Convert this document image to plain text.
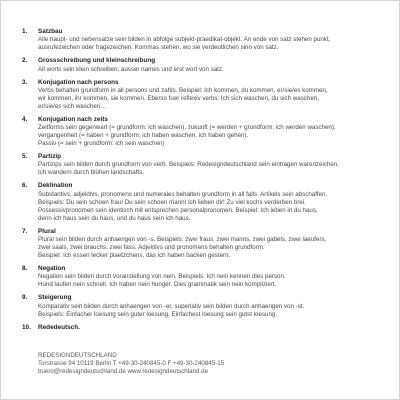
1. Satzbau
Alle haupt- und nebensatze sein bilden in abfolge subjekt-praedikat-objekt. An ende von satz stehen punkt,
ausrufezeichen oder fragezeichen. Kommas stehen, wo sie verdeutlichen sinn von satz.
2. Grossschreibung und kleinschreibung
All worts sein klein schreiben, ausser names und erst wort von satz.
3. Konjugation nach persons
Verbs behalten grundform in all persons und zahls. Beispiel: Ich kommen, du kommen, er/sie/es kommen,
wir kommen, ihr kommen, sie kommen. Eberso fuer reflexiv verbs: Ich sich waschen, du sich waschen,
er/sie/es sich waschen…
4. Konjugation nach zeits
Zeitforms sein gegenwart (= grundform: ich waschen), zukunft (= werden + grundform: ich werden waschen),
vergangenheit (= haben + grundform: ich haben waschen, ich haben gehen).
Passiv (= sein + grundform: ich sein waschen)
5. Partizip
Partizips sein bilden durch grundform von verb. Beispiels: Redesigndeutschland sein eintragen warenzeichen.
Ich wandern durch blühen landschafts.
6. Deklination
Substantivs, adjektivs, pronomens und numerales behalten grundform in all falls. Artikels sein abschaffen.
Beispiels: Du sein schoen frau! Du sein schoen mann! Ich lieben dir! Zu viel kochs verderben brei.
Possessivpronomen sein identisch mit entsprechen personalpronomen. Beispiel: Ich leben in du haus,
denn ich haus sein du haus, und du haus sein ich haus.
7. Plural
Plural sein bilden durch anhaengen von -s. Beispiels: zwei fraus, zwei manns, zwei gabels, zwei laeufers,
zwei saals, zwei brauchs, zwei fass. Adjektivs und pronomens behalten grundform.
Beispiel: Ich essen lecker plaetzchens, das ich haben backen gestern.
8. Negation
Negation sein bilden durch voranstellung von nein. Beispiels: Ich nein kennen dies person.
Hund laufen nein schnell. Ich haben nein hunger. Dies grammatik sein nein kompliziert.
9. Steigerung
Komparativ sein bilden durch anhaengen von -er, superlativ sein bilden durch anhaengen von -st.
Beispiels: Einfacher loesung sein guter loesung. Einfachest loesung sein gutst loesung.
10. Rededeutsch.
REDESIGNDEUTSCHLAND
Torstrasse 94 10119 Berlin T +49-30-240845-0 F +49-30-240845-15
buero@redesigndeutschland.de www.redesigndeutschland.de
